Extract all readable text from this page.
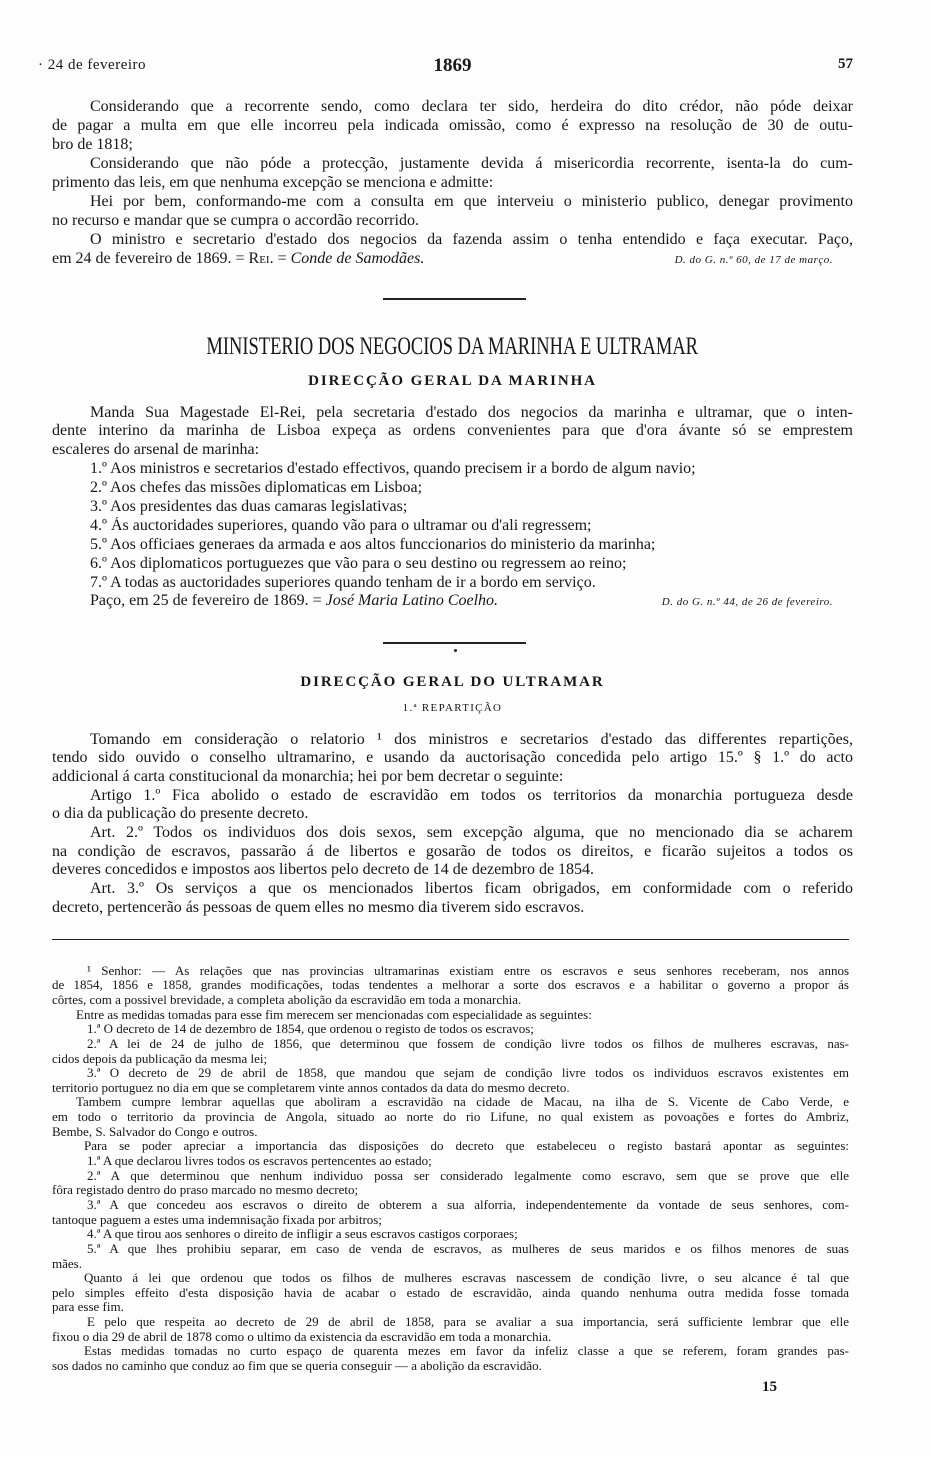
· 24 de fevereiro	1869	57
Considerando que a recorrente sendo, como declara ter sido, herdeira do dito crédor, não póde deixar
de pagar a multa em que elle incorreu pela indicada omissão, como é expresso na resolução de 30 de outu-
bro de 1818;
Considerando que não póde a protecção, justamente devida á misericordia recorrente, isenta-la do cum-
primento das leis, em que nenhuma excepção se menciona e admitte:
Hei por bem, conformando-me com a consulta em que interveiu o ministerio publico, denegar provimento
no recurso e mandar que se cumpra o accordão recorrido.
O ministro e secretario d'estado dos negocios da fazenda assim o tenha entendido e faça executar. Paço,
em 24 de fevereiro de 1869. = Rei. = Conde de Samodães.	D. do G. n.º 60, de 17 de março.
MINISTERIO DOS NEGOCIOS DA MARINHA E ULTRAMAR
DIRECÇÃO GERAL DA MARINHA
Manda Sua Magestade El-Rei, pela secretaria d'estado dos negocios da marinha e ultramar, que o inten-
dente interino da marinha de Lisboa expeça as ordens convenientes para que d'ora ávante só se emprestem
escaleres do arsenal de marinha:
1.º Aos ministros e secretarios d'estado effectivos, quando precisem ir a bordo de algum navio;
2.º Aos chefes das missões diplomaticas em Lisboa;
3.º Aos presidentes das duas camaras legislativas;
4.º Ás auctoridades superiores, quando vão para o ultramar ou d'ali regressem;
5.º Aos officiaes generaes da armada e aos altos funccionarios do ministerio da marinha;
6.º Aos diplomaticos portuguezes que vão para o seu destino ou regressem ao reino;
7.º A todas as auctoridades superiores quando tenham de ir a bordo em serviço.
Paço, em 25 de fevereiro de 1869. = José Maria Latino Coelho.	D. do G. n.º 44, de 26 de fevereiro.
DIRECÇÃO GERAL DO ULTRAMAR
1.ª REPARTIÇÃO
Tomando em consideração o relatorio ¹ dos ministros e secretarios d'estado das differentes repartições,
tendo sido ouvido o conselho ultramarino, e usando da auctorisação concedida pelo artigo 15.º § 1.º do acto
addicional á carta constitucional da monarchia; hei por bem decretar o seguinte:
Artigo 1.º Fica abolido o estado de escravidão em todos os territorios da monarchia portugueza desde
o dia da publicação do presente decreto.
Art. 2.º Todos os individuos dos dois sexos, sem excepção alguma, que no mencionado dia se acharem
na condição de escravos, passarão á de libertos e gosarão de todos os direitos, e ficarão sujeitos a todos os
deveres concedidos e impostos aos libertos pelo decreto de 14 de dezembro de 1854.
Art. 3.º Os serviços a que os mencionados libertos ficam obrigados, em conformidade com o referido
decreto, pertencerão ás pessoas de quem elles no mesmo dia tiverem sido escravos.
¹ Senhor: — As relações que nas provincias ultramarinas existiam entre os escravos e seus senhores receberam, nos annos
de 1854, 1856 e 1858, grandes modificações, todas tendentes a melhorar a sorte dos escravos e a habilitar o governo a propor ás
côrtes, com a possivel brevidade, a completa abolição da escravidão em toda a monarchia.
Entre as medidas tomadas para esse fim merecem ser mencionadas com especialidade as seguintes:
1.ª O decreto de 14 de dezembro de 1854, que ordenou o registo de todos os escravos;
2.ª A lei de 24 de julho de 1856, que determinou que fossem de condição livre todos os filhos de mulheres escravas, nas-
cidos depois da publicação da mesma lei;
3.ª O decreto de 29 de abril de 1858, que mandou que sejam de condição livre todos os individuos escravos existentes em
territorio portuguez no dia em que se completarem vinte annos contados da data do mesmo decreto.
Tambem cumpre lembrar aquellas que aboliram a escravidão na cidade de Macau, na ilha de S. Vicente de Cabo Verde, e
em todo o territorio da provincia de Angola, situado ao norte do rio Lifune, no qual existem as povoações e fortes do Ambriz,
Bembe, S. Salvador do Congo e outros.
Para se poder apreciar a importancia das disposições do decreto que estabeleceu o registo bastará apontar as seguintes:
1.ª A que declarou livres todos os escravos pertencentes ao estado;
2.ª A que determinou que nenhum individuo possa ser considerado legalmente como escravo, sem que se prove que elle
fôra registado dentro do praso marcado no mesmo decreto;
3.ª A que concedeu aos escravos o direito de obterem a sua alforria, independentemente da vontade de seus senhores, com-
tantoque paguem a estes uma indemnisação fixada por arbitros;
4.ª A que tirou aos senhores o direito de infligir a seus escravos castigos corporaes;
5.ª A que lhes prohibiu separar, em caso de venda de escravos, as mulheres de seus maridos e os filhos menores de suas
mães.
Quanto á lei que ordenou que todos os filhos de mulheres escravas nascessem de condição livre, o seu alcance é tal que
pelo simples effeito d'esta disposição havia de acabar o estado de escravidão, ainda quando nenhuma outra medida fosse tomada
para esse fim.
E pelo que respeita ao decreto de 29 de abril de 1858, para se avaliar a sua importancia, será sufficiente lembrar que elle
fixou o dia 29 de abril de 1878 como o ultimo da existencia da escravidão em toda a monarchia.
Estas medidas tomadas no curto espaço de quarenta mezes em favor da infeliz classe a que se referem, foram grandes pas-
sos dados no caminho que conduz ao fim que se queria conseguir — a abolição da escravidão.
15
